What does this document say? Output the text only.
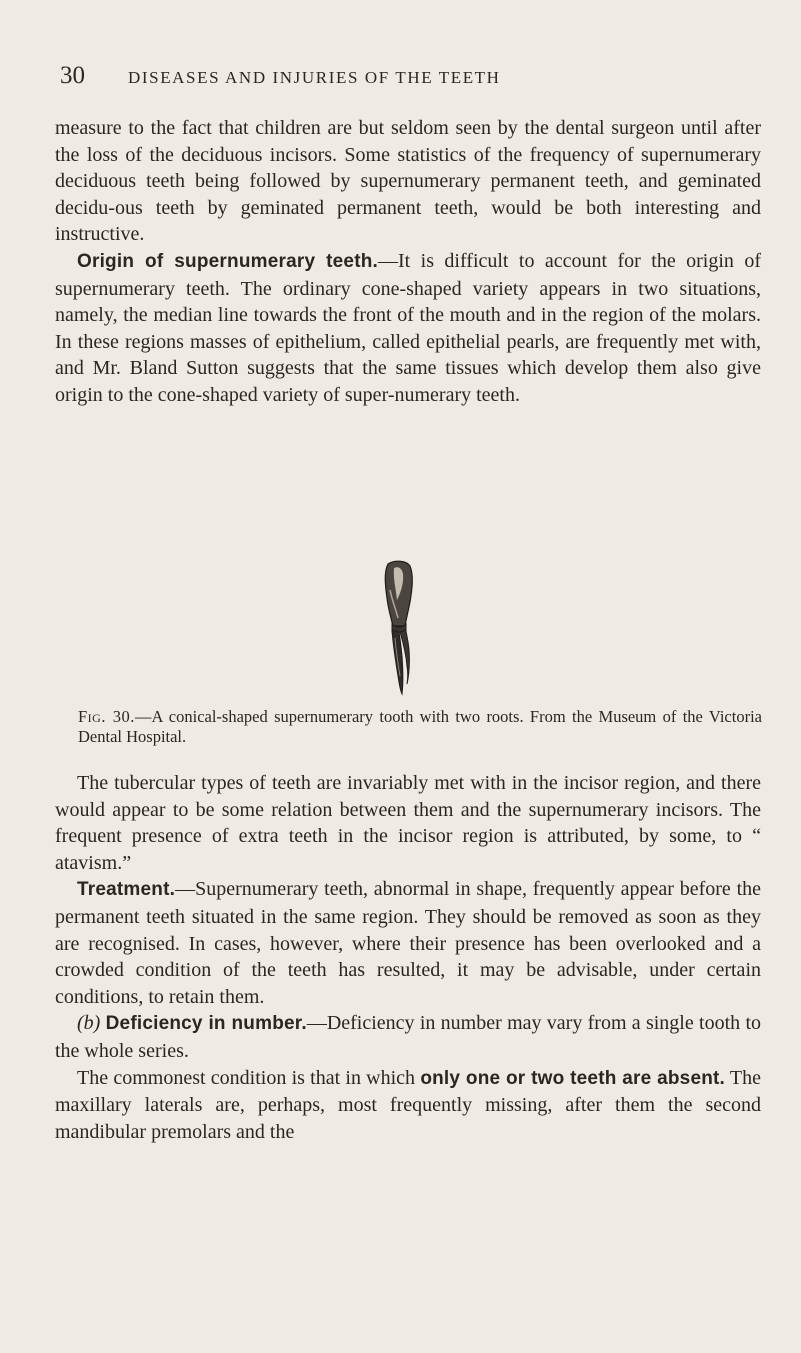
30	DISEASES AND INJURIES OF THE TEETH

measure to the fact that children are but seldom seen by the dental surgeon until after the loss of the deciduous incisors. Some statistics of the frequency of supernumerary deciduous teeth being followed by supernumerary permanent teeth, and geminated decidu-ous teeth by geminated permanent teeth, would be both interesting and instructive.

Origin of supernumerary teeth.—It is difficult to account for the origin of supernumerary teeth. The ordinary cone-shaped variety appears in two situations, namely, the median line towards the front of the mouth and in the region of the molars. In these regions masses of epithelium, called epithelial pearls, are frequently met with, and Mr. Bland Sutton suggests that the same tissues which develop them also give origin to the cone-shaped variety of super-numerary teeth.

Fig. 30.—A conical-shaped supernumerary tooth with two roots. From the Museum of the Victoria Dental Hospital.

The tubercular types of teeth are invariably met with in the incisor region, and there would appear to be some relation between them and the supernumerary incisors. The frequent presence of extra teeth in the incisor region is attributed, by some, to “ atavism.”

Treatment.—Supernumerary teeth, abnormal in shape, frequently appear before the permanent teeth situated in the same region. They should be removed as soon as they are recognised. In cases, however, where their presence has been overlooked and a crowded condition of the teeth has resulted, it may be advisable, under certain conditions, to retain them.

(b) Deficiency in number.—Deficiency in number may vary from a single tooth to the whole series.

The commonest condition is that in which only one or two teeth are absent. The maxillary laterals are, perhaps, most frequently missing, after them the second mandibular premolars and the
